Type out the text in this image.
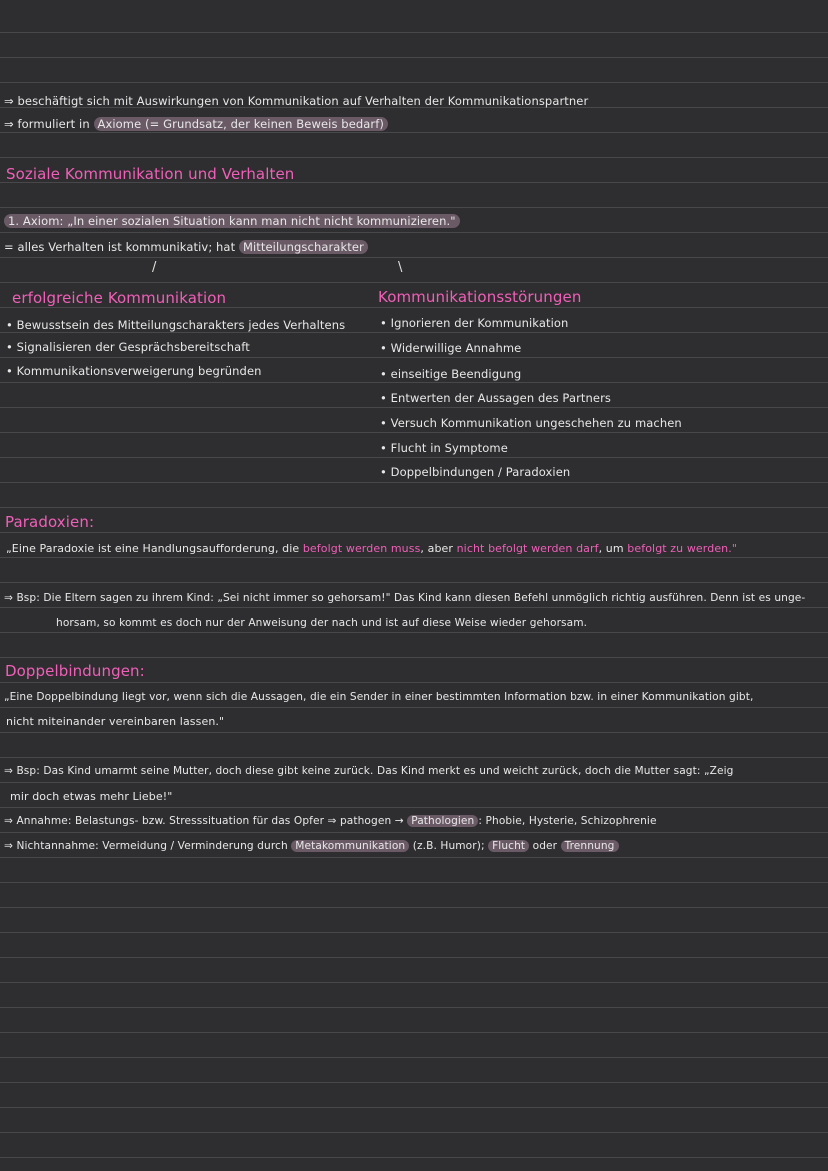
⇒ beschäftigt sich mit Auswirkungen von Kommunikation auf Verhalten der Kommunikationspartner
⇒ formuliert in Axiome (= Grundsatz, der keinen Beweis bedarf)
Soziale Kommunikation und Verhalten
1. Axiom: „In einer sozialen Situation kann man nicht nicht kommunizieren."
= alles Verhalten ist kommunikativ; hat Mitteilungscharakter
/	\
erfolgreiche Kommunikation
• Bewusstsein des Mitteilungscharakters jedes Verhaltens
• Signalisieren der Gesprächsbereitschaft
• Kommunikationsverweigerung begründen
Kommunikationsstörungen
• Ignorieren der Kommunikation
• Widerwillige Annahme
• einseitige Beendigung
• Entwerten der Aussagen des Partners
• Versuch Kommunikation ungeschehen zu machen
• Flucht in Symptome
• Doppelbindungen / Paradoxien
Paradoxien:
„Eine Paradoxie ist eine Handlungsaufforderung, die befolgt werden muss, aber nicht befolgt werden darf, um befolgt zu werden."
⇒ Bsp: Die Eltern sagen zu ihrem Kind: „Sei nicht immer so gehorsam!" Das Kind kann diesen Befehl unmöglich richtig ausführen. Denn ist es unge-
horsam, so kommt es doch nur der Anweisung der nach und ist auf diese Weise wieder gehorsam.
Doppelbindungen:
„Eine Doppelbindung liegt vor, wenn sich die Aussagen, die ein Sender in einer bestimmten Information bzw. in einer Kommunikation gibt,
nicht miteinander vereinbaren lassen."
⇒ Bsp: Das Kind umarmt seine Mutter, doch diese gibt keine zurück. Das Kind merkt es und weicht zurück, doch die Mutter sagt: „Zeig
mir doch etwas mehr Liebe!"
⇒ Annahme: Belastungs- bzw. Stresssituation für das Opfer ⇒ pathogen → Pathologien : Phobie, Hysterie, Schizophrenie
⇒ Nichtannahme: Vermeidung / Verminderung durch Metakommunikation (z.B. Humor); Flucht oder Trennung
